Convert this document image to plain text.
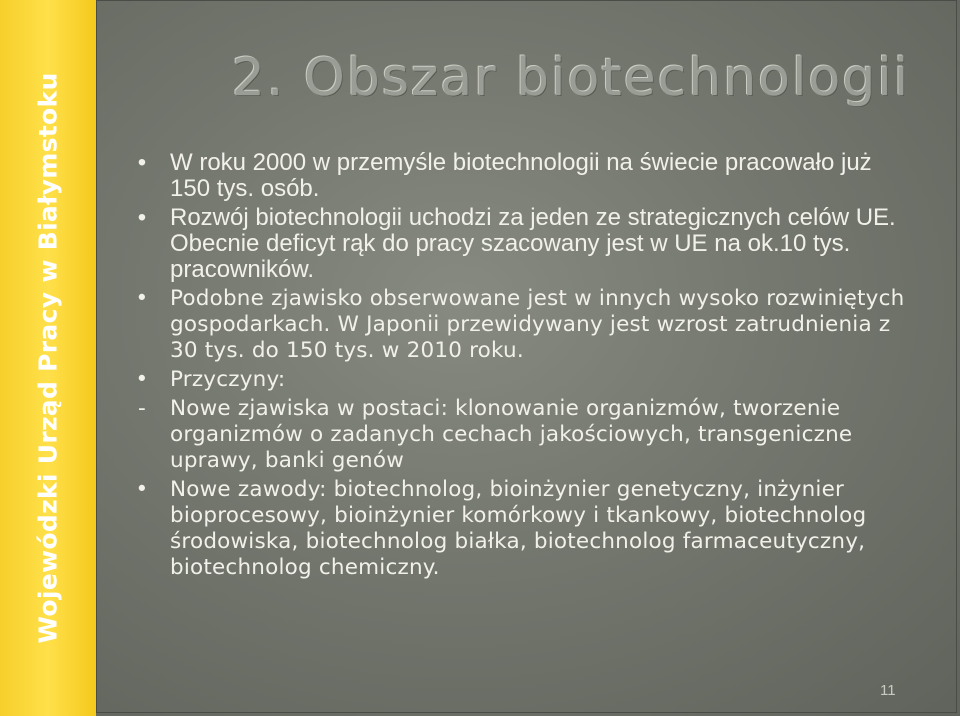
Wojewódzki Urząd Pracy w Białymstoku	2. Obszar biotechnologii
• W roku 2000 w przemyśle biotechnologii na świecie pracowało już 150 tys. osób.
• Rozwój biotechnologii uchodzi za jeden ze strategicznych celów UE. Obecnie deficyt rąk do pracy szacowany jest w UE na ok.10 tys. pracowników.
• Podobne zjawisko obserwowane jest w innych wysoko rozwiniętych gospodarkach. W Japonii przewidywany jest wzrost zatrudnienia z 30 tys. do 150 tys. w 2010 roku.
• Przyczyny:
- Nowe zjawiska w postaci: klonowanie organizmów, tworzenie organizmów o zadanych cechach jakościowych, transgeniczne uprawy, banki genów
• Nowe zawody: biotechnolog, bioinżynier genetyczny, inżynier bioprocesowy, bioinżynier komórkowy i tkankowy, biotechnolog środowiska, biotechnolog białka, biotechnolog farmaceutyczny, biotechnolog chemiczny.
11
